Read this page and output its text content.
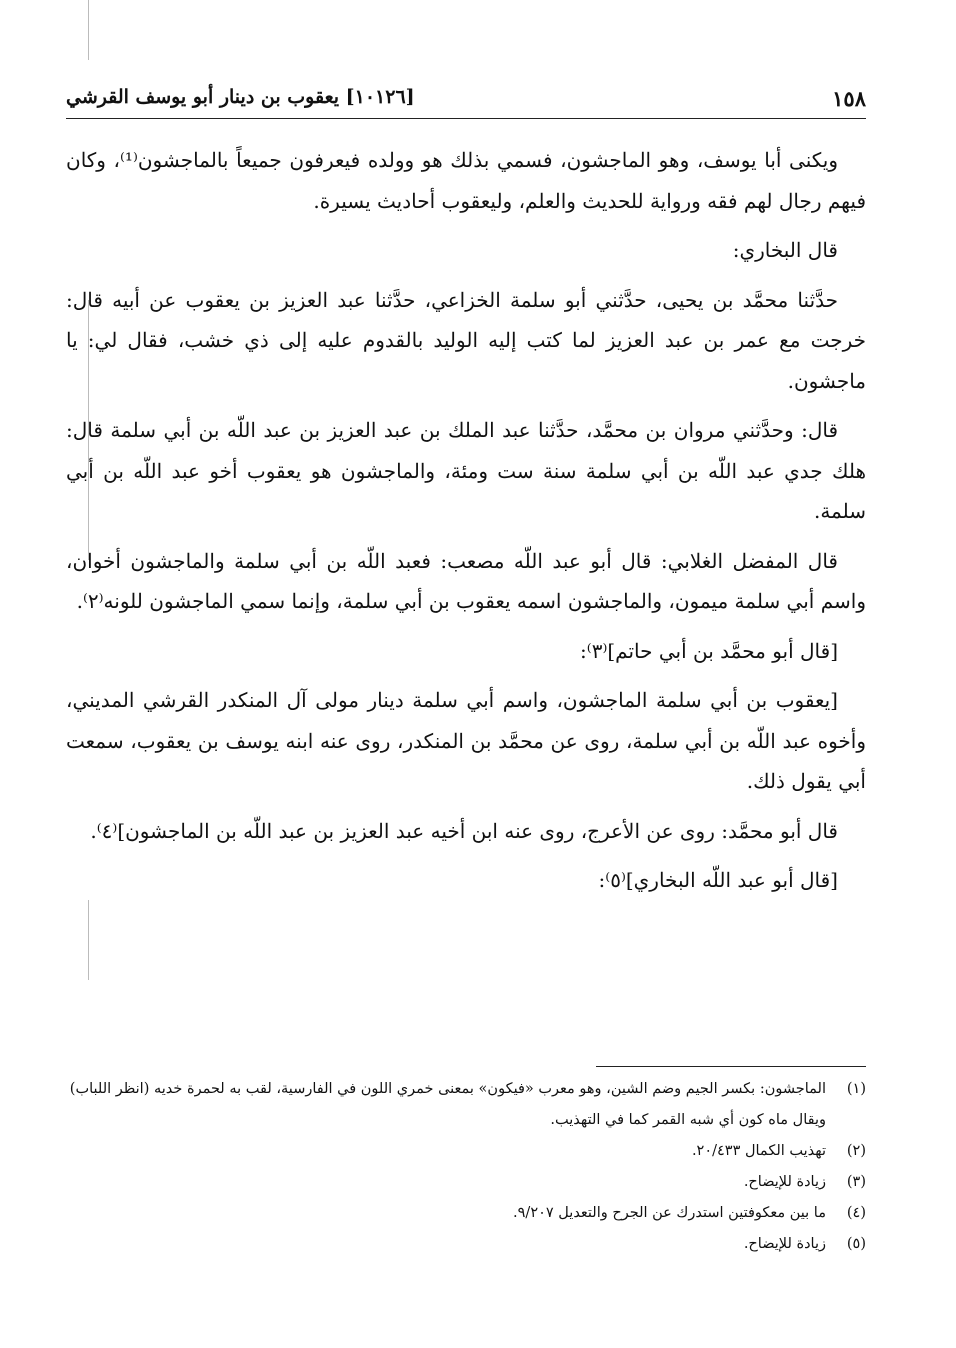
١٥٨
[١٠١٢٦] يعقوب بن دينار أبو يوسف القرشي

ويكنى أبا يوسف، وهو الماجشون، فسمي بذلك هو وولده فيعرفون جميعاً بالماجشون⁽¹⁾، وكان فيهم رجال لهم فقه ورواية للحديث والعلم، وليعقوب أحاديث يسيرة.

قال البخاري:

حدَّثنا محمَّد بن يحيى، حدَّثني أبو سلمة الخزاعي، حدَّثنا عبد العزيز بن يعقوب عن أبيه قال: خرجت مع عمر بن عبد العزيز لما كتب إليه الوليد بالقدوم عليه إلى ذي خشب، فقال لي: يا ماجشون.

قال: وحدَّثني مروان بن محمَّد، حدَّثنا عبد الملك بن عبد العزيز بن عبد اللّه بن أبي سلمة قال: هلك جدي عبد اللّه بن أبي سلمة سنة ست ومئة، والماجشون هو يعقوب أخو عبد اللّه بن أبي سلمة.

قال المفضل الغلابي: قال أبو عبد اللّه مصعب: فعبد اللّه بن أبي سلمة والماجشون أخوان، واسم أبي سلمة ميمون، والماجشون اسمه يعقوب بن أبي سلمة، وإنما سمي الماجشون للونه⁽٢⁾.

[قال أبو محمَّد بن أبي حاتم]⁽٣⁾:

[يعقوب بن أبي سلمة الماجشون، واسم أبي سلمة دينار مولى آل المنكدر القرشي المديني، وأخوه عبد اللّه بن أبي سلمة، روى عن محمَّد بن المنكدر، روى عنه ابنه يوسف بن يعقوب، سمعت أبي يقول ذلك.

قال أبو محمَّد: روى عن الأعرج، روى عنه ابن أخيه عبد العزيز بن عبد اللّه بن الماجشون]⁽٤⁾.

[قال أبو عبد اللّه البخاري]⁽٥⁾:

(١)
الماجشون: بكسر الجيم وضم الشين، وهو معرب «فيكون» بمعنى خمري اللون في الفارسية، لقب به لحمرة خديه (انظر اللباب) ويقال ماه كون أي شبه القمر كما في التهذيب.
(٢)
تهذيب الكمال ٢٠/٤٣٣.
(٣)
زيادة للإيضاح.
(٤)
ما بين معكوفتين استدرك عن الجرح والتعديل ٩/٢٠٧.
(٥)
زيادة للإيضاح.
